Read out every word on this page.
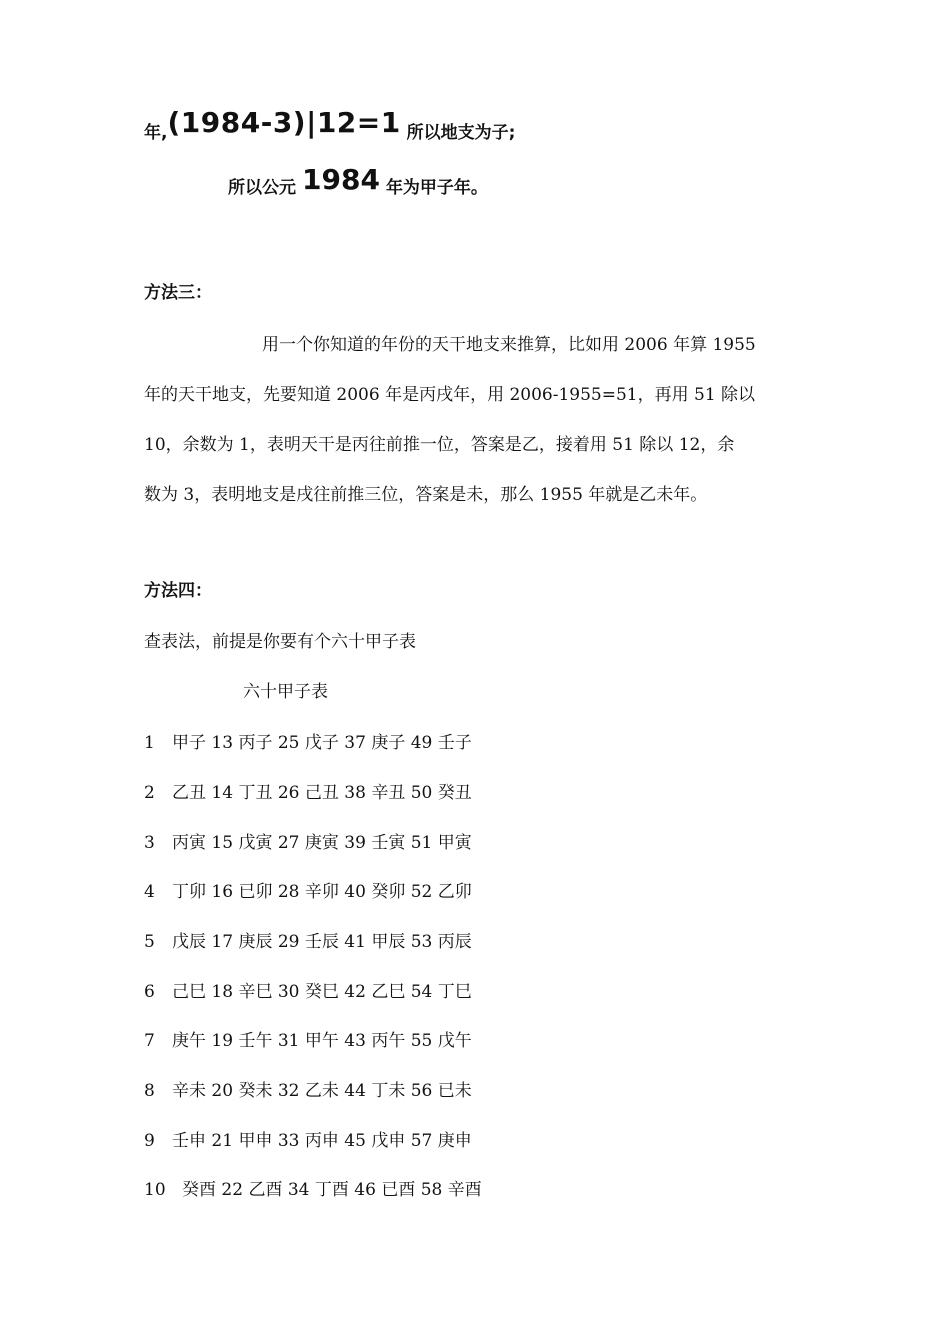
年,(1984-3)|12=1 所以地支为子;
所以公元 1984 年为甲子年。
方法三：
用一个你知道的年份的天干地支来推算，比如用 2006 年算 1955
年的天干地支，先要知道 2006 年是丙戌年，用 2006-1955=51，再用 51 除以
10，余数为 1，表明天干是丙往前推一位，答案是乙，接着用 51 除以 12，余
数为 3，表明地支是戌往前推三位，答案是未，那么 1955 年就是乙未年。
方法四：
查表法，前提是你要有个六十甲子表
六十甲子表
1 甲子 13 丙子 25 戊子 37 庚子 49 壬子
2 乙丑 14 丁丑 26 己丑 38 辛丑 50 癸丑
3 丙寅 15 戊寅 27 庚寅 39 壬寅 51 甲寅
4 丁卯 16 已卯 28 辛卯 40 癸卯 52 乙卯
5 戊辰 17 庚辰 29 壬辰 41 甲辰 53 丙辰
6 己巳 18 辛巳 30 癸巳 42 乙巳 54 丁巳
7 庚午 19 壬午 31 甲午 43 丙午 55 戊午
8 辛未 20 癸未 32 乙未 44 丁未 56 已未
9 壬申 21 甲申 33 丙申 45 戊申 57 庚申
10 癸酉 22 乙酉 34 丁酉 46 已酉 58 辛酉
